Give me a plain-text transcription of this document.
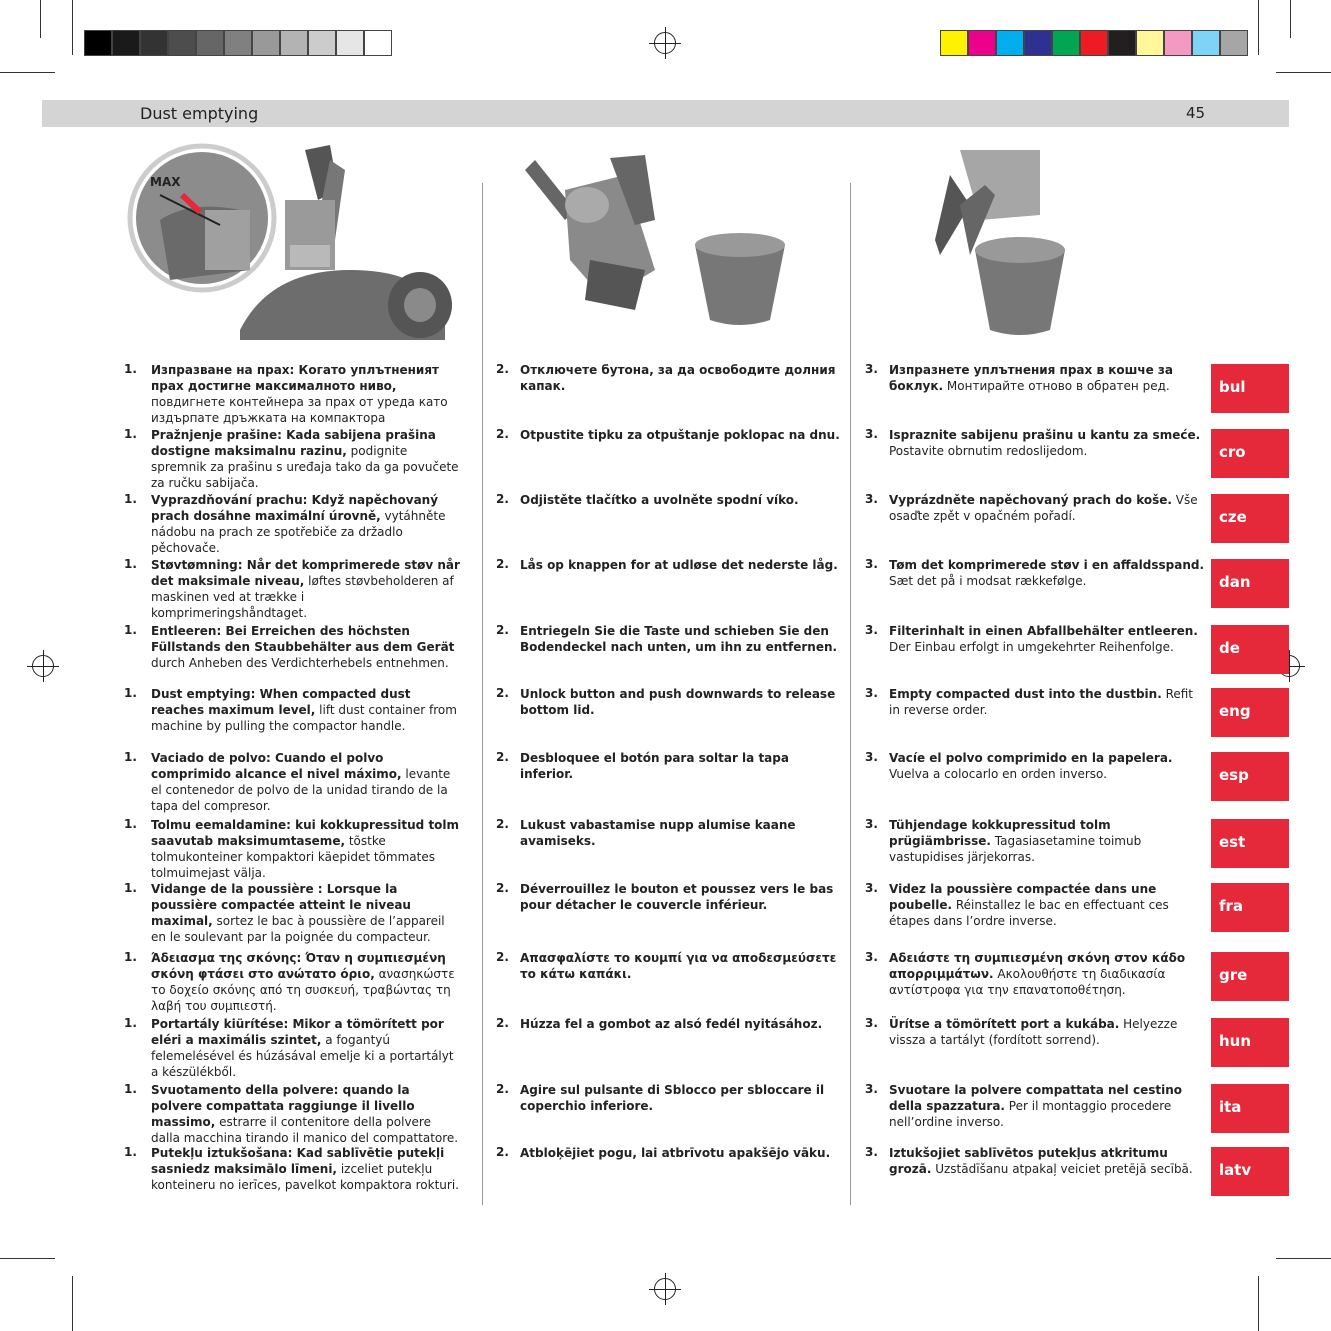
Dust emptying	45
MAX
1. Изпразване на прах: Когато уплътненият прах достигне максималното ниво, повдигнете контейнера за прах от уреда като издърпате дръжката на компактора
2. Отключете бутона, за да освободите долния капак.
3. Изпразнете уплътнения прах в кошче за боклук. Монтирайте отново в обратен ред.	bul
1. Pražnjenje prašine: Kada sabijena prašina dostigne maksimalnu razinu, podignite spremnik za prašinu s uređaja tako da ga povučete za ručku sabijača.
2. Otpustite tipku za otpuštanje poklopac na dnu. 3. Ispraznite sabijenu prašinu u kantu za smeće. Postavite obrnutim redoslijedom.	cro
1. Vyprazdňování prachu: Když napěchovaný prach dosáhne maximální úrovně, vytáhněte nádobu na prach ze spotřebiče za držadlo pěchovače.
2. Odjistěte tlačítko a uvolněte spodní víko.	3. Vyprázdněte napěchovaný prach do koše. Vše osaďte zpět v opačném pořadí.	cze
1. Støvtømning: Når det komprimerede støv når det maksimale niveau, løftes støvbeholderen af maskinen ved at trække i komprimeringshåndtaget.
2. Lås op knappen for at udløse det nederste låg.	3. Tøm det komprimerede støv i en affaldsspand. Sæt det på i modsat rækkefølge.	dan
1. Entleeren: Bei Erreichen des höchsten Füllstands den Staubbehälter aus dem Gerät durch Anheben des Verdichterhebels entnehmen.
2. Entriegeln Sie die Taste und schieben Sie den Bodendeckel nach unten, um ihn zu entfernen.
3. Filterinhalt in einen Abfallbehälter entleeren. Der Einbau erfolgt in umgekehrter Reihenfolge.	de
1. Dust emptying: When compacted dust reaches maximum level, lift dust container from machine by pulling the compactor handle.
2. Unlock button and push downwards to release bottom lid.
3. Empty compacted dust into the dustbin. Refit in reverse order.	eng
1. Vaciado de polvo: Cuando el polvo comprimido alcance el nivel máximo, levante el contenedor de polvo de la unidad tirando de la tapa del compresor.
2. Desbloquee el botón para soltar la tapa inferior.
3. Vacíe el polvo comprimido en la papelera. Vuelva a colocarlo en orden inverso.	esp
1. Tolmu eemaldamine: kui kokkupressitud tolm saavutab maksimumtaseme, tõstke tolmukonteiner kompaktori käepidet tõmmates tolmuimejast välja.
2. Lukust vabastamise nupp alumise kaane avamiseks.
3. Tühjendage kokkupressitud tolm prügiämbrisse. Tagasiasetamine toimub vastupidises järjekorras.
est
1. Vidange de la poussière : Lorsque la poussière compactée atteint le niveau maximal, sortez le bac à poussière de l’appareil en le soulevant par la poignée du compacteur.
2. Déverrouillez le bouton et poussez vers le bas pour détacher le couvercle inférieur.
3. Videz la poussière compactée dans une poubelle. Réinstallez le bac en effectuant ces étapes dans l’ordre inverse.
fra
1. Άδειασμα της σκόνης: Όταν η συμπιεσμένη σκόνη φτάσει στο ανώτατο όριο, ανασηκώστε το δοχείο σκόνης από τη συσκευή, τραβώντας τη λαβή του συμπιεστή.
2. Απασφαλίστε το κουμπί για να αποδεσμεύσετε το κάτω καπάκι.
3. Αδειάστε τη συμπιεσμένη σκόνη στον κάδο απορριμμάτων. Ακολουθήστε τη διαδικασία αντίστροφα για την επανατοποθέτηση.
gre
1. Portartály kiürítése: Mikor a tömörített por eléri a maximális szintet, a fogantyú felemelésével és húzásával emelje ki a portartályt a készülékből.
2. Húzza fel a gombot az alsó fedél nyitásához.	3. Ürítse a tömörített port a kukába. Helyezze vissza a tartályt (fordított sorrend).	hun
1. Svuotamento della polvere: quando la polvere compattata raggiunge il livello massimo, estrarre il contenitore della polvere dalla macchina tirando il manico del compattatore.
2. Agire sul pulsante di Sblocco per sbloccare il coperchio inferiore.
3. Svuotare la polvere compattata nel cestino della spazzatura. Per il montaggio procedere nell’ordine inverso.
ita
1. Putekļu iztukšošana: Kad sablīvētie putekļi sasniedz maksimālo līmeni, izceliet putekļu konteineru no ierīces, pavelkot kompaktora rokturi.
2. Atbloķējiet pogu, lai atbrīvotu apakšējo vāku.	3. Iztukšojiet sablīvētos putekļus atkritumu grozā. Uzstādīšanu atpakaļ veiciet pretējā secībā.	latv
